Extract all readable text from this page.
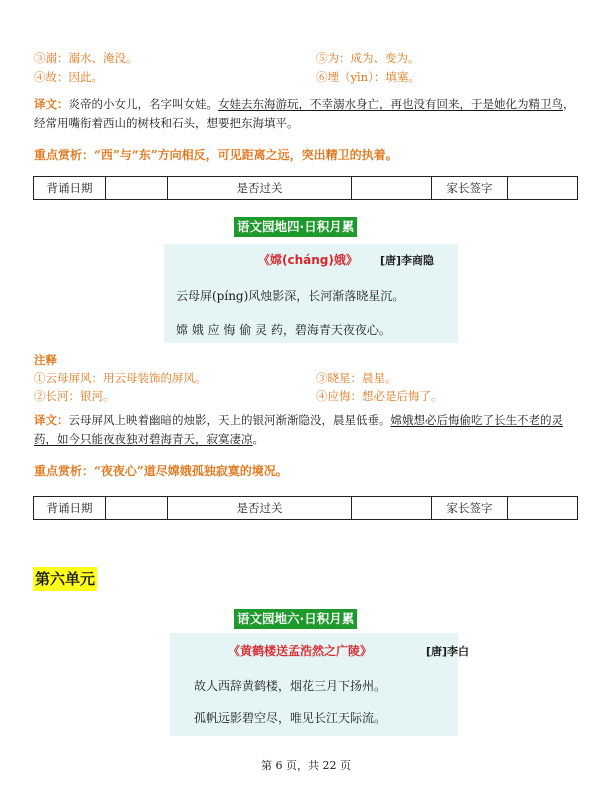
③溺：溺水、淹没。	⑤为：成为、变为。
④故：因此。	⑥堙（yīn）：填塞。
译文：炎帝的小女儿，名字叫女娃。女娃去东海游玩，不幸溺水身亡，再也没有回来，于是她化为精卫鸟，经常用嘴衔着西山的树枝和石头，想要把东海填平。
重点赏析：“西”与“东”方向相反，可见距离之远，突出精卫的执着。
背诵日期		是否过关		家长签字	
语文园地四·日积月累
《嫦(cháng)娥》 [唐]李商隐
云母屏(píng)风烛影深，长河渐落晓星沉。
嫦 娥 应 悔 偷 灵 药，碧海青天夜夜心。
注释
①云母屏风：用云母装饰的屏风。	③晓星：晨星。
②长河：银河。	④应悔：想必是后悔了。
译文：云母屏风上映着幽暗的烛影，天上的银河渐渐隐没，晨星低垂。嫦娥想必后悔偷吃了长生不老的灵药，如今只能夜夜独对碧海青天，寂寞凄凉。
重点赏析：“夜夜心”道尽嫦娥孤独寂寞的境况。
背诵日期		是否过关		家长签字	
第六单元
语文园地六·日积月累
《黄鹤楼送孟浩然之广陵》	[唐]李白
故人西辞黄鹤楼，烟花三月下扬州。
孤帆远影碧空尽，唯见长江天际流。
第 6 页，共 22 页
